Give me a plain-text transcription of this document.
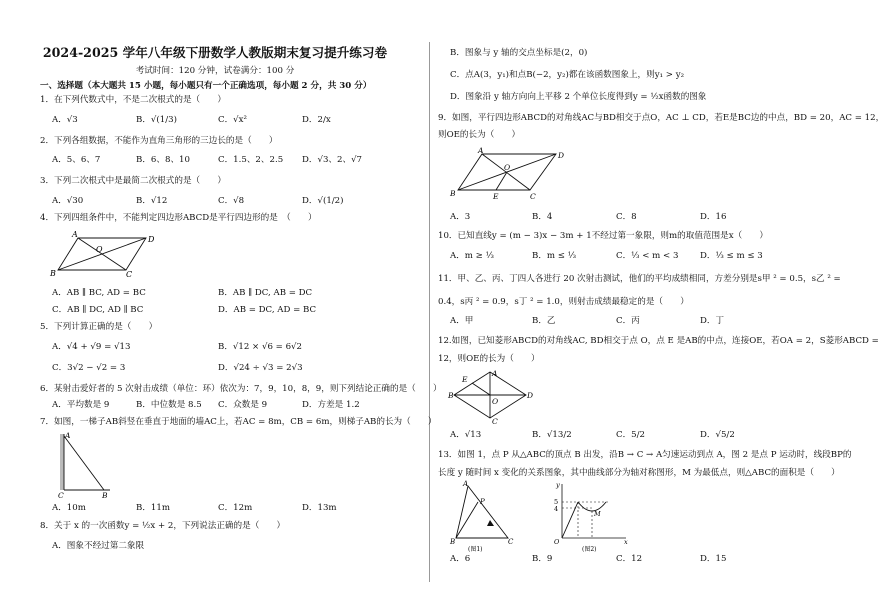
2024-2025 学年八年级下册数学人教版期末复习提升练习卷
考试时间：120 分钟，试卷满分：100 分
一、选择题（本大题共 15 小题，每小题只有一个正确选项，每小题 2 分，共 30 分）
1．在下列代数式中，不是二次根式的是（　　）
A．√3	B．√(1/3)	C．√x²	D．2/x
2．下列各组数据，不能作为直角三角形的三边长的是（　　）
A．5、6、7	B．6、8、10	C．1.5、2、2.5 D．√3、2、√7
3．下列二次根式中是最简二次根式的是（　　）
A．√30	B．√12	C．√8	D．√(1/2)
4．下列四组条件中，不能判定四边形ABCD是平行四边形的是　（　　）
A
B	C
D
O
A．AB ∥ BC, AD = BC	B．AB ∥ DC, AB = DC
C．AB ∥ DC, AD ∥ BC	D．AB = DC, AD = BC
5．下列计算正确的是（　　）
A．√4 + √9 = √13	B．√12 × √6 = 6√2
C．3√2 − √2 = 3	D．√24 ÷ √3 = 2√3
6．某射击爱好者的 5 次射击成绩（单位：环）依次为：7，9，10，8，9，则下列结论正确的是（　　）
A．平均数是 9	B．中位数是 8.5 C．众数是 9	D．方差是 1.2
7．如图，一梯子AB斜竖在垂直于地面的墙AC上，若AC = 8m，CB = 6m，则梯子AB的长为（　　）
A
C	B
A．10m	B．11m	C．12m	D．13m
8．关于 x 的一次函数y = ½x + 2，下列说法正确的是（　　）
A．图象不经过第二象限
B．图象与 y 轴的交点坐标是(2，0)
C．点A(3，y₁)和点B(−2，y₂)都在该函数图象上，则y₁ > y₂
D．图象沿 y 轴方向向上平移 2 个单位长度得到y = ½x函数的图象
9．如图，平行四边形ABCD的对角线AC与BD相交于点O，AC ⊥ CD，若E是BC边的中点，BD = 20，AC = 12，
则OE的长为（　　）
A
D
O
B	E	C
A．3	B．4	C．8	D．16
10．已知直线y = (m − 3)x − 3m + 1不经过第一象限，则m的取值范围是x（　　）
A．m ≥ ⅓	B．m ≤ ⅓	C．⅓ < m < 3	D．⅓ ≤ m ≤ 3
11．甲、乙、丙、丁四人各进行 20 次射击测试，他们的平均成绩相同，方差分别是s甲 ² = 0.5，s乙 ² =
0.4，s丙 ² = 0.9，s丁 ² = 1.0，则射击成绩最稳定的是（　　）
A．甲	B．乙	C．丙	D．丁
12.如图，已知菱形ABCD的对角线AC, BD相交于点 O，点 E 是AB的中点，连接OE，若OA = 2，S菱形ABCD =
12，则OE的长为（　　）
A
E
B
O
D
C
A．√13	B．√13/2	C．5/2	D．√5/2
13．如图 1，点 P 从△ABC的顶点 B 出发，沿B → C → A匀速运动到点 A，图 2 是点 P 运动时，线段BP的
长度 y 随时间 x 变化的关系图象，其中曲线部分为轴对称图形，M 为最低点，则△ABC的面积是（　　）
A
P
B	C
(图1)
y
5
4
O
M
x
(图2)
A．6	B．9	C．12	D．15
